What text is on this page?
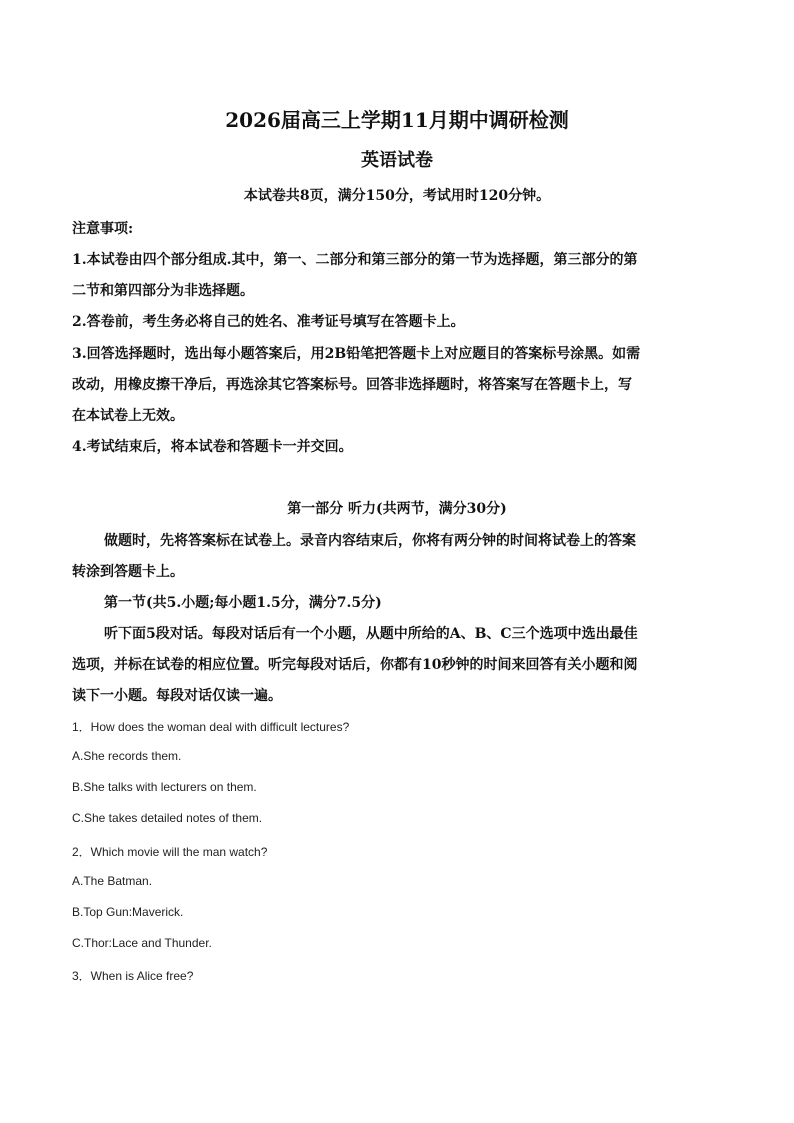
2026届高三上学期11月期中调研检测
英语试卷
本试卷共8页，满分150分，考试用时120分钟。
注意事项:
1.本试卷由四个部分组成.其中，第一、二部分和第三部分的第一节为选择题，第三部分的第
二节和第四部分为非选择题。
2.答卷前，考生务必将自己的姓名、准考证号填写在答题卡上。
3.回答选择题时，选出每小题答案后，用2B铅笔把答题卡上对应题目的答案标号涂黑。如需
改动，用橡皮擦干净后，再选涂其它答案标号。回答非选择题时，将答案写在答题卡上，写
在本试卷上无效。
4.考试结束后，将本试卷和答题卡一并交回。
第一部分 听力(共两节，满分30分)
做题时，先将答案标在试卷上。录音内容结束后，你将有两分钟的时间将试卷上的答案
转涂到答题卡上。
第一节(共5.小题;每小题1.5分，满分7.5分)
听下面5段对话。每段对话后有一个小题，从题中所给的A、B、C三个选项中选出最佳
选项，并标在试卷的相应位置。听完每段对话后，你都有10秒钟的时间来回答有关小题和阅
读下一小题。每段对话仅读一遍。
1．How does the woman deal with difficult lectures?
A.She records them.
B.She talks with lecturers on them.
C.She takes detailed notes of them.
2．Which movie will the man watch?
A.The Batman.
B.Top Gun:Maverick.
C.Thor:Lace and Thunder.
3．When is Alice free?
